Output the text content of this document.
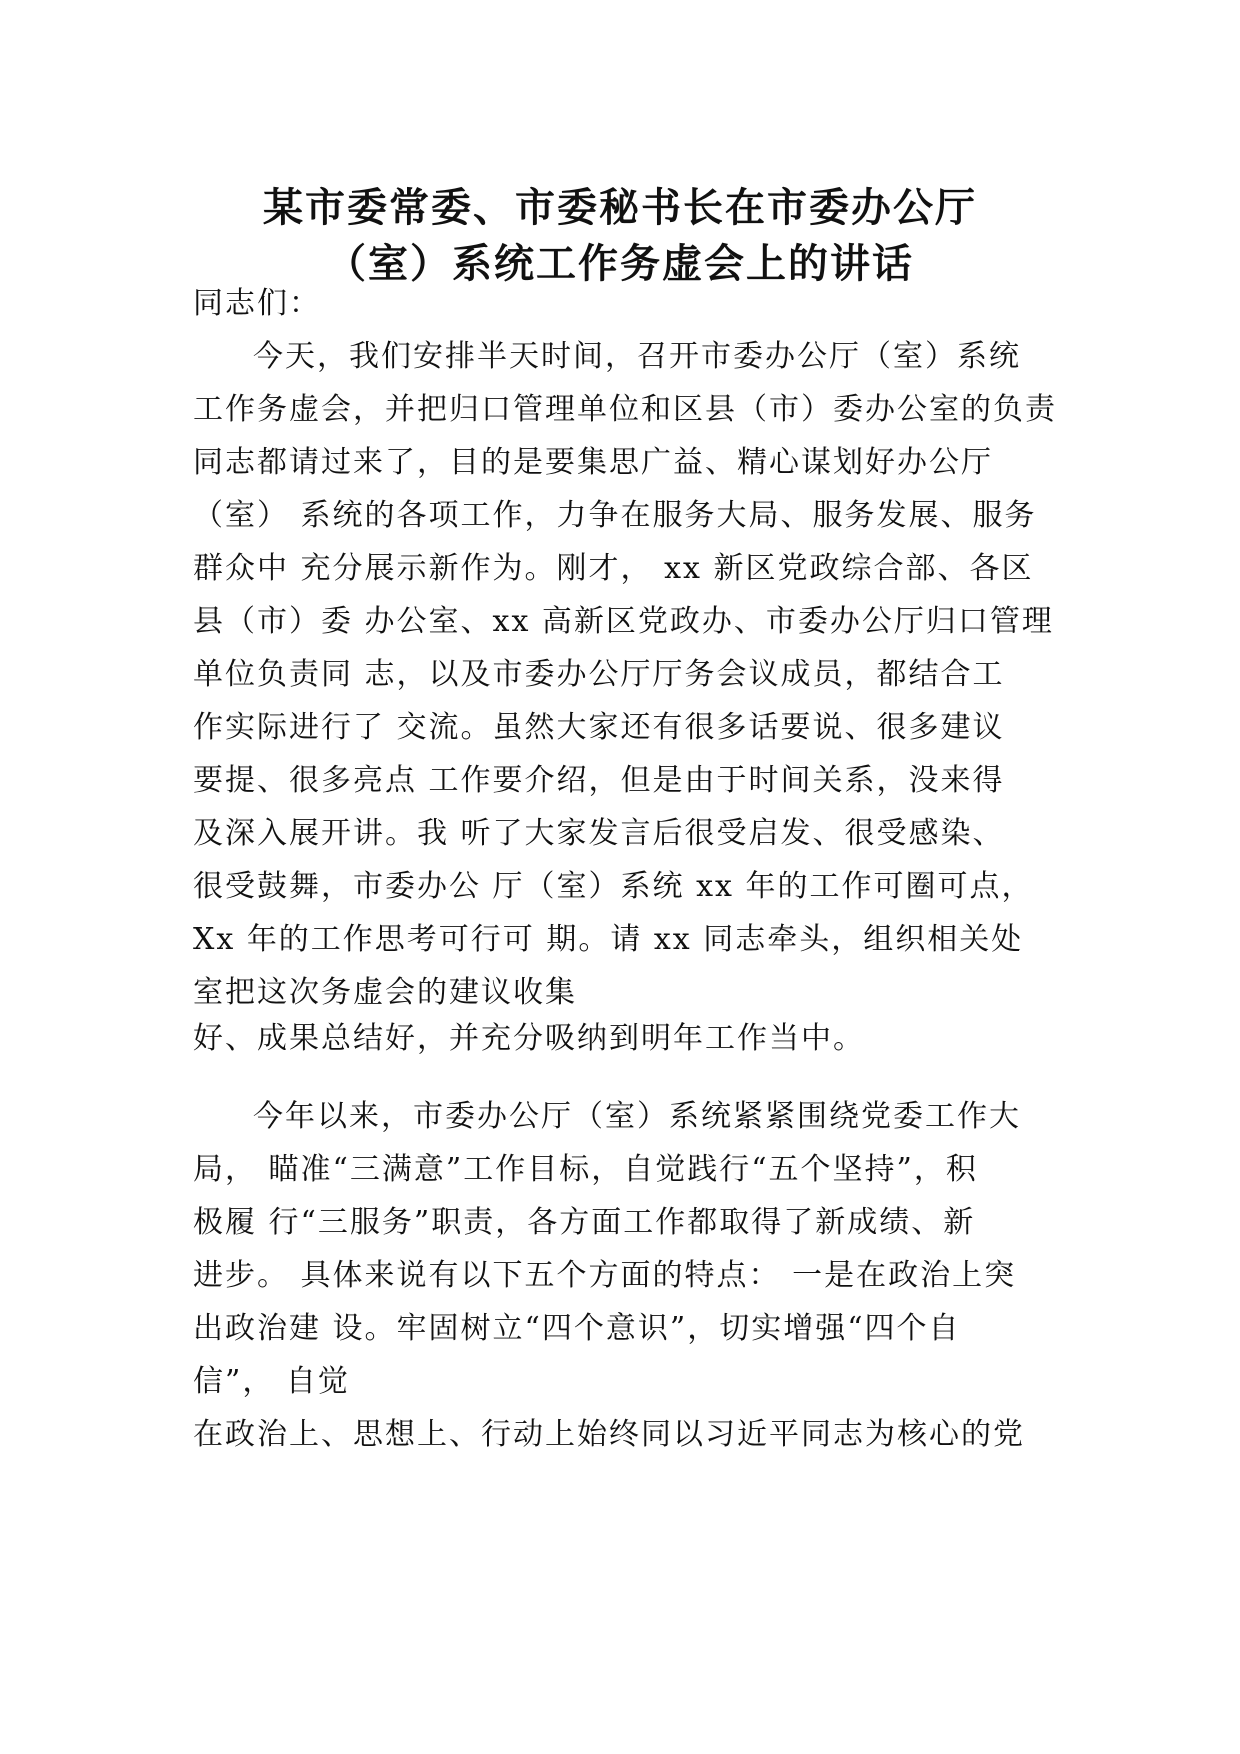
某市委常委、市委秘书长在市委办公厅
（室）系统工作务虚会上的讲话
同志们：
今天，我们安排半天时间，召开市委办公厅（室）系统
工作务虚会，并把归口管理单位和区县（市）委办公室的负责
同志都请过来了，目的是要集思广益、精心谋划好办公厅
（室） 系统的各项工作，力争在服务大局、服务发展、服务
群众中 充分展示新作为。刚才， xx 新区党政综合部、各区
县（市）委 办公室、xx 高新区党政办、市委办公厅归口管理
单位负责同 志，以及市委办公厅厅务会议成员，都结合工
作实际进行了 交流。虽然大家还有很多话要说、很多建议
要提、很多亮点 工作要介绍，但是由于时间关系，没来得
及深入展开讲。我 听了大家发言后很受启发、很受感染、
很受鼓舞，市委办公 厅（室）系统 xx 年的工作可圈可点，
Xx 年的工作思考可行可 期。请 xx 同志牵头，组织相关处
室把这次务虚会的建议收集
好、成果总结好，并充分吸纳到明年工作当中。
今年以来，市委办公厅（室）系统紧紧围绕党委工作大
局， 瞄准“三满意”工作目标，自觉践行“五个坚持”，积
极履 行“三服务”职责，各方面工作都取得了新成绩、新
进步。 具体来说有以下五个方面的特点： 一是在政治上突
出政治建 设。牢固树立“四个意识”，切实增强“四个自
信”， 自觉
在政治上、思想上、行动上始终同以习近平同志为核心的党
